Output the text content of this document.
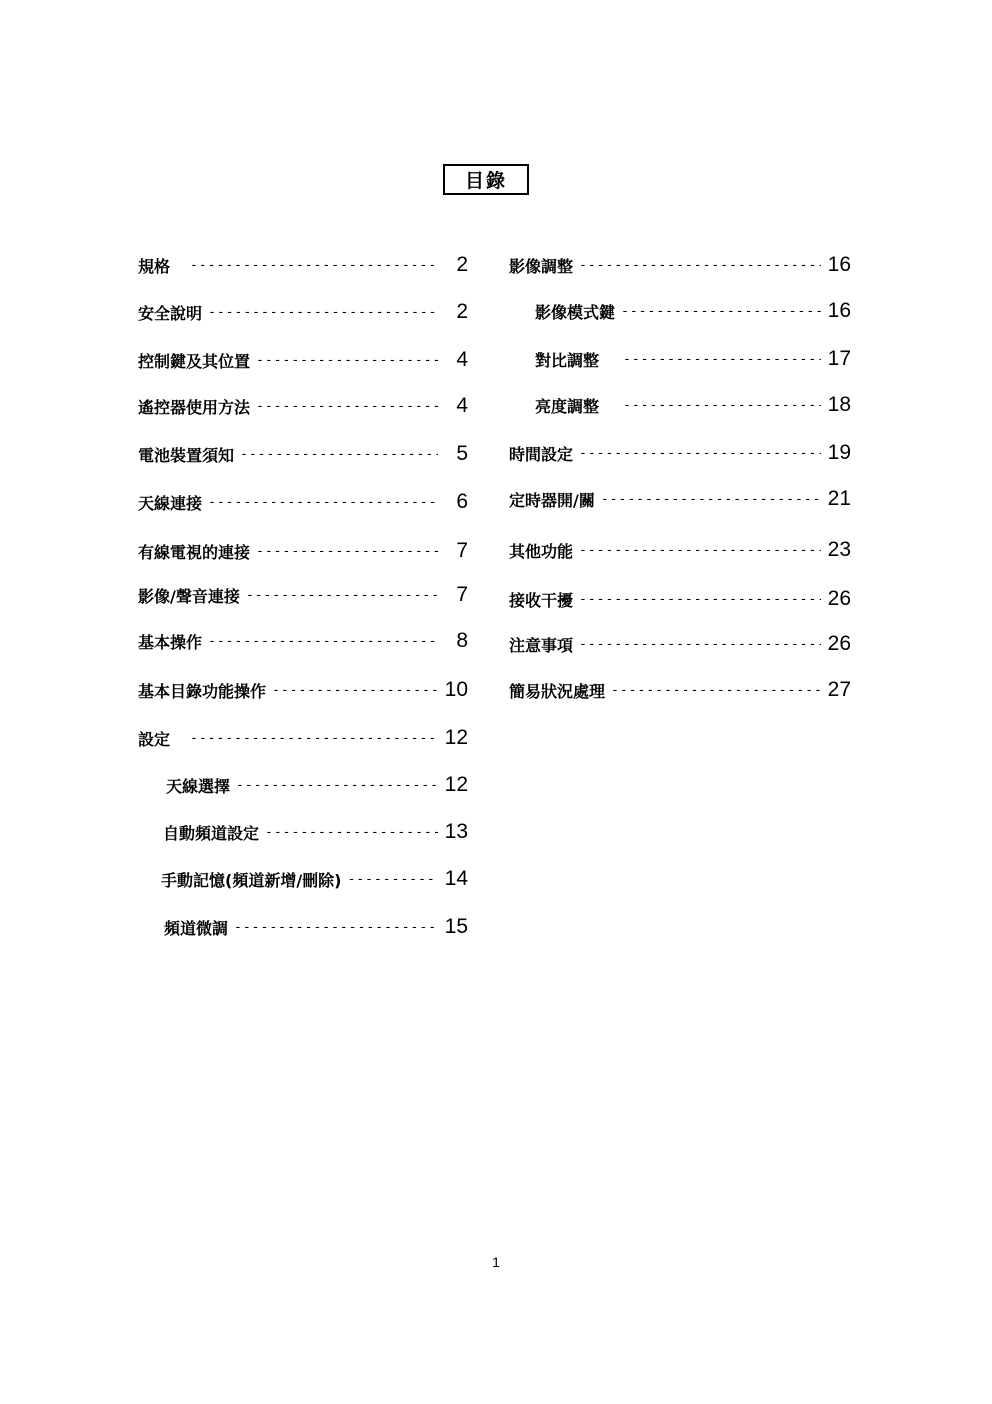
目錄
規格 -----	2
安全說明 -----	2
控制鍵及其位置 -----	4
遙控器使用方法 -----	4
電池裝置須知 -----	5
天線連接 -----	6
有線電視的連接 -----	7
影像/聲音連接 -----	7
基本操作 -----	8
基本目錄功能操作 -----	10
設定 -----	12
天線選擇 -----	12
自動頻道設定 -----	13
手動記憶(頻道新增/刪除) -----	14
頻道微調 -----	15
影像調整 -----	16
影像模式鍵 -----	16
對比調整 -----	17
亮度調整 -----	18
時間設定 -----	19
定時器開/關 -----	21
其他功能 -----	23
接收干擾 -----	26
注意事項 -----	26
簡易狀況處理 -----	27
1
